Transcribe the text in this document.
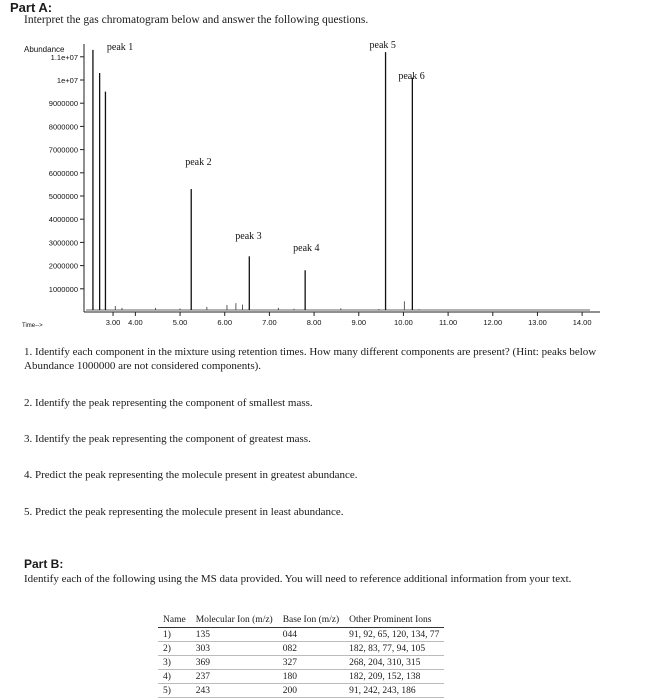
Part A:
Interpret the gas chromatogram below and answer the following questions.
Abundance
Time-->
1.1e+07
1e+07
9000000
8000000
7000000
6000000
5000000
4000000
3000000
2000000
1000000
3.00 4.00	5.00	6.00	7.00	8.00	9.00	10.00	11.00	12.00	13.00	14.00
peak 1
peak 2
peak 3
peak 4
peak 5
peak 6
1. Identify each component in the mixture using retention times. How many different components are present? (Hint: peaks below Abundance 1000000 are not considered components).
2. Identify the peak representing the component of smallest mass.
3. Identify the peak representing the component of greatest mass.
4. Predict the peak representing the molecule present in greatest abundance.
5. Predict the peak representing the molecule present in least abundance.
Part B:
Identify each of the following using the MS data provided. You will need to reference additional information from your text.
Name	Molecular Ion (m/z)	Base Ion (m/z)	Other Prominent Ions
1)	135	044	91, 92, 65, 120, 134, 77
2)	303	082	182, 83, 77, 94, 105
3)	369	327	268, 204, 310, 315
4)	237	180	182, 209, 152, 138
5)	243	200	91, 242, 243, 186
